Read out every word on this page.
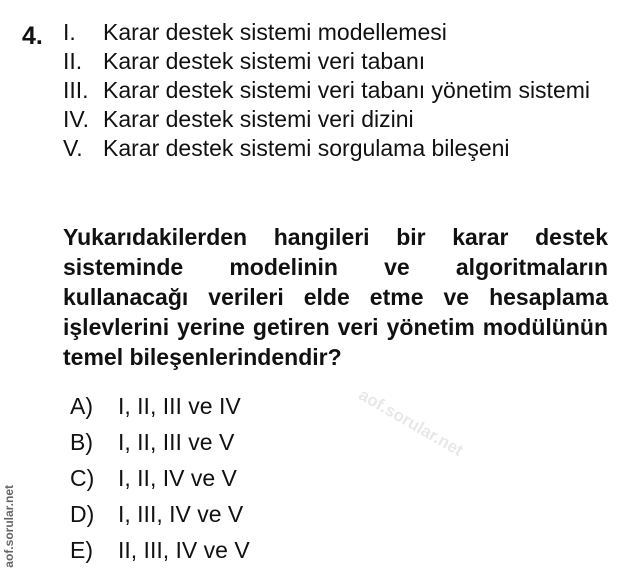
4. I.	Karar destek sistemi modellemesi
II. Karar destek sistemi veri tabanı
III. Karar destek sistemi veri tabanı yönetim sistemi
IV. Karar destek sistemi veri dizini
V. Karar destek sistemi sorgulama bileşeni
Yukarıdakilerden hangileri bir karar destek sisteminde modelinin ve algoritmaların kullanacağı verileri elde etme ve hesaplama işlevlerini yerine getiren veri yönetim modülünün temel bileşenlerindendir?
A)	I, II, III ve IV
B)	I, II, III ve V
C)	I, II, IV ve V
D)	I, III, IV ve V
E)	II, III, IV ve V
aof.sorular.net
aof.sorular.net
